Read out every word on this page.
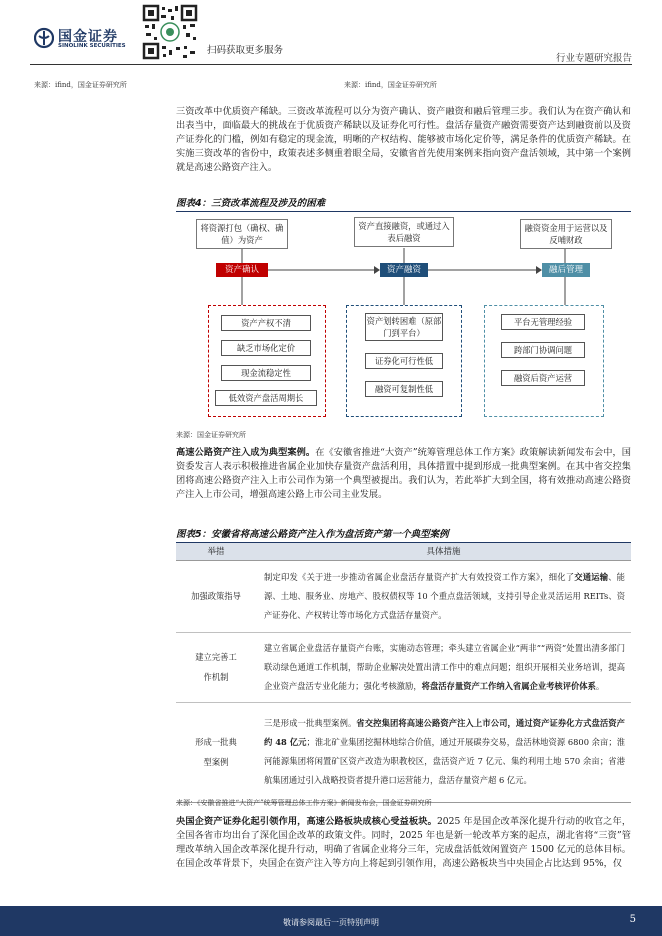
国金证券
SINOLINK SECURITIES	扫码获取更多服务
行业专题研究报告
来源：ifind，国金证券研究所	来源：ifind，国金证券研究所

三资改革中优质资产稀缺。三资改革流程可以分为资产确认、资产融资和融后管理三步。我们认为在资产确认和出表当中，面临最大的挑战在于优质资产稀缺以及证券化可行性。盘活存量资产融资需要资产达到融资前以及资产证券化的门槛，例如有稳定的现金流，明晰的产权结构、能够被市场化定价等，满足条件的优质资产稀缺。在实施三资改革的省份中，政策表述多侧重着眼全局，安徽省首先使用案例来指向资产盘活领域，其中第一个案例就是高速公路资产注入。

图表4：三资改革流程及涉及的困难
将资源打包（确权、确值）为资产
资产直接融资，或通过入表后融资
融资资金用于运营以及反哺财政
资产确认	资产融资	融后管理
资产产权不清
缺乏市场化定价
现金流稳定性
低效资产盘活周期长
资产划转困难（原部门到平台）
证券化可行性低
融资可复制性低
平台无管理经验
跨部门协调问题
融资后资产运营
来源：国金证券研究所

高速公路资产注入成为典型案例。在《安徽省推进“大资产”统筹管理总体工作方案》政策解读新闻发布会中，国资委发言人表示积极推进省属企业加快存量资产盘活利用，具体措置中提到形成一批典型案例。在其中省交控集团将高速公路资产注入上市公司作为第一个典型被提出。我们认为，若此举扩大到全国，将有效推动高速公路资产注入上市公司，增强高速公路上市公司主业发展。

图表5：安徽省将高速公路资产注入作为盘活资产第一个典型案例
举措	具体措施
加强政策指导	制定印发《关于进一步推动省属企业盘活存量资产扩大有效投资工作方案》，细化了交通运输、能源、土地、服务业、房地产、股权债权等 10 个重点盘活领域，支持引导企业灵活运用 REITs、资产证券化、产权转让等市场化方式盘活存量资产。
建立完善工作机制	建立省属企业盘活存量资产台账，实施动态管理；牵头建立省属企业“两非”“两资”处置出清多部门联动绿色通道工作机制，帮助企业解决处置出清工作中的难点问题；组织开展相关业务培训，提高企业资产盘活专业化能力；强化考核激励，将盘活存量资产工作纳入省属企业考核评价体系。
形成一批典型案例	三是形成一批典型案例。省交控集团将高速公路资产注入上市公司，通过资产证券化方式盘活资产约 48 亿元；淮北矿业集团挖掘林地综合价值，通过开展碳券交易，盘活林地资源 6800 余亩；淮河能源集团将闲置矿区资产改造为职教校区，盘活资产近 7 亿元、集约利用土地 570 余亩；省港航集团通过引入战略投资者提升港口运营能力，盘活存量资产超 6 亿元。
来源：《安徽省推进“大资产”统筹管理总体工作方案》新闻发布会，国金证券研究所

央国企资产证券化起引领作用，高速公路板块成核心受益板块。2025 年是国企改革深化提升行动的收官之年，全国各省市均出台了深化国企改革的政策文件。同时，2025 年也是新一轮改革方案的起点，湖北省将“三资”管理改革纳入国企改革深化提升行动，明确了省属企业将分三年，完成盘活低效闲置资产 1500 亿元的总体目标。在国企改革背景下，央国企在资产注入等方向上将起到引领作用，高速公路板块当中央国企占比达到 95%，仅

敬请参阅最后一页特别声明	5
